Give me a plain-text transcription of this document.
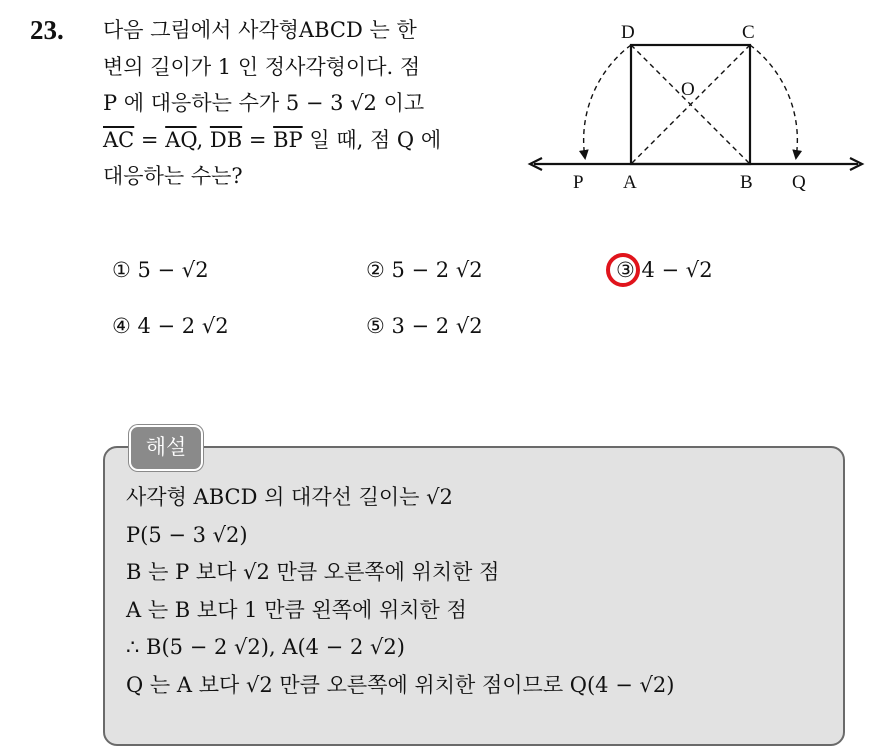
23. 다음 그림에서 사각형ABCD 는 한
변의 길이가 1 인 정사각형이다. 점
P 에 대응하는 수가 5 − 3 √2 이고
$\overline{AC} = \overline{AQ}$, $\overline{DB} = \overline{BP}$ 일 때, 점 Q 에
대응하는 수는?
D	C
O
P A	B Q
① 5 − √2	② 5 − 2 √2	③ 4 − √2
④ 4 − 2 √2	⑤ 3 − 2 √2
해설
사각형 ABCD 의 대각선 길이는 √2
P(5 − 3 √2)
B 는 P 보다 √2 만큼 오른쪽에 위치한 점
A 는 B 보다 1 만큼 왼쪽에 위치한 점
∴ B(5 − 2 √2), A(4 − 2 √2)
Q 는 A 보다 √2 만큼 오른쪽에 위치한 점이므로 Q(4 − √2)
